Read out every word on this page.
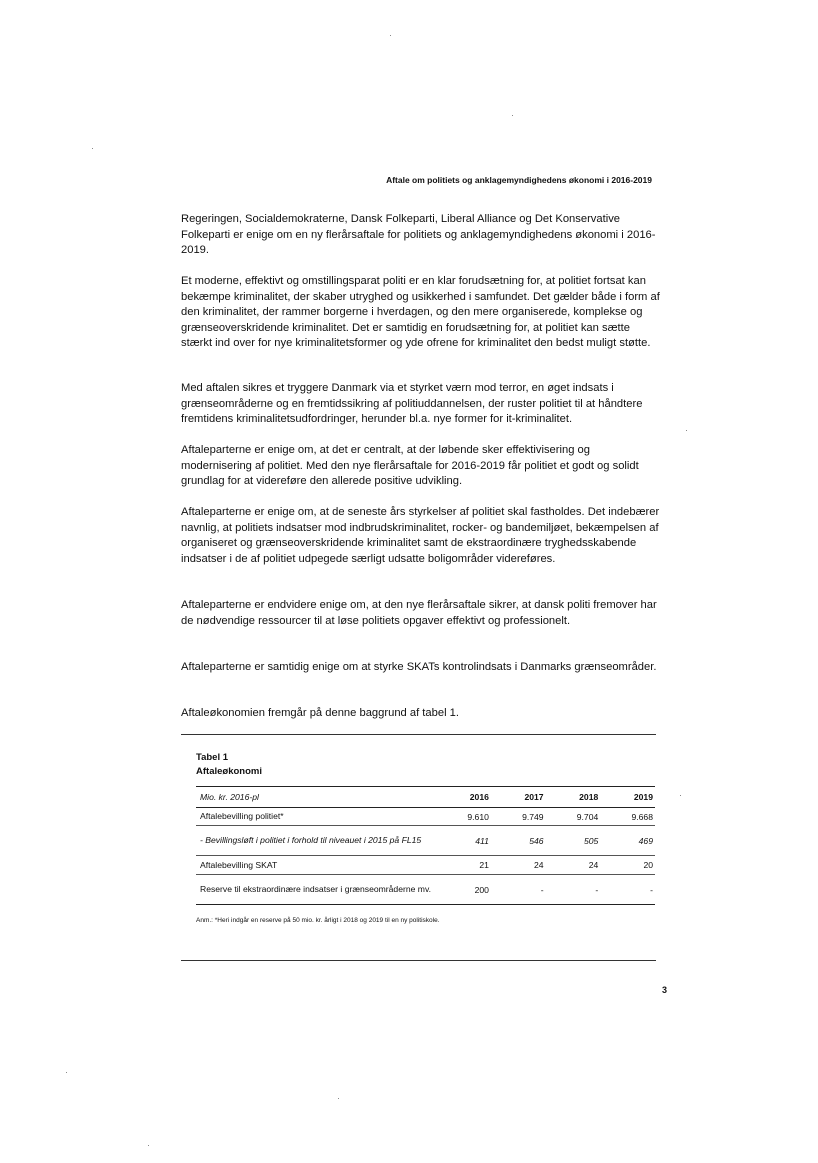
Aftale om politiets og anklagemyndighedens økonomi i 2016-2019

Regeringen, Socialdemokraterne, Dansk Folkeparti, Liberal Alliance og Det Konservative Folkeparti er enige om en ny flerårsaftale for politiets og anklagemyndighedens økonomi i 2016-2019.

Et moderne, effektivt og omstillingsparat politi er en klar forudsætning for, at politiet fortsat kan bekæmpe kriminalitet, der skaber utryghed og usikkerhed i samfundet. Det gælder både i form af den kriminalitet, der rammer borgerne i hverdagen, og den mere organiserede, komplekse og grænseoverskridende kriminalitet. Det er samtidig en forudsætning for, at politiet kan sætte stærkt ind over for nye kriminalitetsformer og yde ofrene for kriminalitet den bedst muligt støtte.

Med aftalen sikres et tryggere Danmark via et styrket værn mod terror, en øget indsats i grænseområderne og en fremtidssikring af politiuddannelsen, der ruster politiet til at håndtere fremtidens kriminalitetsudfordringer, herunder bl.a. nye former for it-kriminalitet.

Aftaleparterne er enige om, at det er centralt, at der løbende sker effektivisering og modernisering af politiet. Med den nye flerårsaftale for 2016-2019 får politiet et godt og solidt grundlag for at videreføre den allerede positive udvikling.

Aftaleparterne er enige om, at de seneste års styrkelser af politiet skal fastholdes. Det indebærer navnlig, at politiets indsatser mod indbrudskriminalitet, rocker- og bandemiljøet, bekæmpelsen af organiseret og grænseoverskridende kriminalitet samt de ekstraordinære tryghedsskabende indsatser i de af politiet udpegede særligt udsatte boligområder videreføres.

Aftaleparterne er endvidere enige om, at den nye flerårsaftale sikrer, at dansk politi fremover har de nødvendige ressourcer til at løse politiets opgaver effektivt og professionelt.

Aftaleparterne er samtidig enige om at styrke SKATs kontrolindsats i Danmarks grænseområder.

Aftaleøkonomien fremgår på denne baggrund af tabel 1.

Tabel 1
Aftaleøkonomi
Mio. kr. 2016-pl	2016	2017	2018	2019
Aftalebevilling politiet*	9.610	9.749	9.704	9.668
- Bevillingsløft i politiet i forhold til niveauet i 2015 på FL15	411	546	505	469
Aftalebevilling SKAT	21	24	24	20
Reserve til ekstraordinære indsatser i grænseområderne mv.	200	-	-	-
Anm.: *Heri indgår en reserve på 50 mio. kr. årligt i 2018 og 2019 til en ny politiskole.
3
